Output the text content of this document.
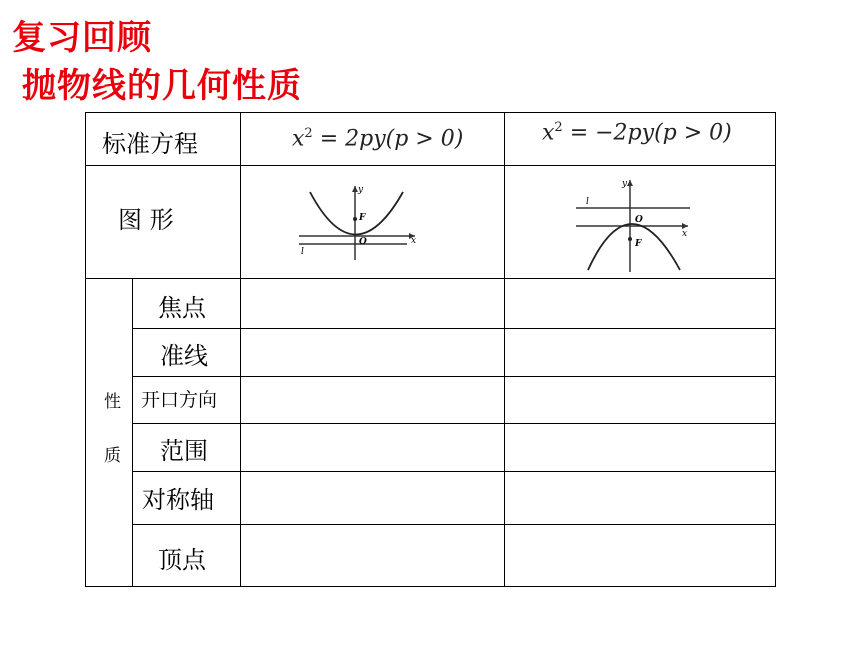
复习回顾
抛物线的几何性质
标准方程	$x^2 = 2py(p > 0)$	$x^2 = -2py(p > 0)$
图 形
y
x
F
O
l
y
x
O
F
l
性
质
焦点
准线
开口方向
范围
对称轴
顶点
